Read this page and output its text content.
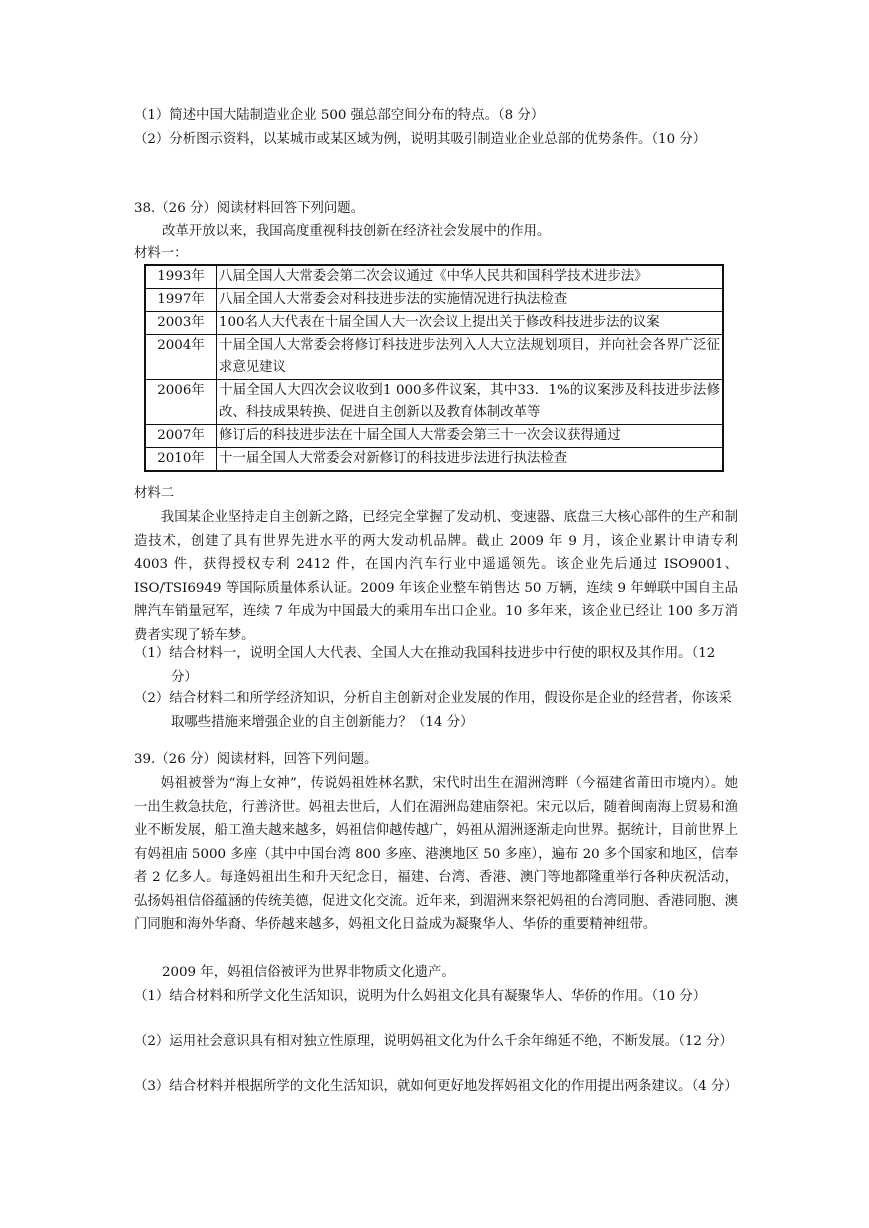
（1）简述中国大陆制造业企业 500 强总部空间分布的特点。（8 分）
（2）分析图示资料，以某城市或某区域为例，说明其吸引制造业企业总部的优势条件。（10 分）
38.（26 分）阅读材料回答下列问题。
改革开放以来，我国高度重视科技创新在经济社会发展中的作用。
材料一：
1993年	八届全国人大常委会第二次会议通过《中华人民共和国科学技术进步法》
1997年	八届全国人大常委会对科技进步法的实施情况进行执法检查
2003年	100名人大代表在十届全国人大一次会议上提出关于修改科技进步法的议案
2004年	十届全国人大常委会将修订科技进步法列入人大立法规划项目，并向社会各界广泛征求意见建议
2006年	十届全国人大四次会议收到1 000多件议案，其中33．1%的议案涉及科技进步法修改、科技成果转换、促进自主创新以及教育体制改革等
2007年	修订后的科技进步法在十届全国人大常委会第三十一次会议获得通过
2010年	十一届全国人大常委会对新修订的科技进步法进行执法检查
材料二
我国某企业坚持走自主创新之路，已经完全掌握了发动机、变速器、底盘三大核心部件的生产和制造技术，创建了具有世界先进水平的两大发动机品牌。截止 2009 年 9 月，该企业累计申请专利 4003 件，获得授权专利 2412 件，在国内汽车行业中遥遥领先。该企业先后通过 ISO9001、ISO/TSI6949 等国际质量体系认证。2009 年该企业整车销售达 50 万辆，连续 9 年蝉联中国自主品牌汽车销量冠军，连续 7 年成为中国最大的乘用车出口企业。10 多年来，该企业已经让 100 多万消费者实现了轿车梦。
（1）结合材料一，说明全国人大代表、全国人大在推动我国科技进步中行使的职权及其作用。（12 分）
（2）结合材料二和所学经济知识，分析自主创新对企业发展的作用，假设你是企业的经营者，你该采取哪些措施来增强企业的自主创新能力？（14 分）
39.（26 分）阅读材料，回答下列问题。
妈祖被誉为“海上女神”，传说妈祖姓林名默，宋代时出生在湄洲湾畔（今福建省莆田市境内）。她一出生救急扶危，行善济世。妈祖去世后，人们在湄洲岛建庙祭祀。宋元以后，随着闽南海上贸易和渔业不断发展，船工渔夫越来越多，妈祖信仰越传越广，妈祖从湄洲逐渐走向世界。据统计，目前世界上有妈祖庙 5000 多座（其中中国台湾 800 多座、港澳地区 50 多座），遍布 20 多个国家和地区，信奉者 2 亿多人。每逢妈祖出生和升天纪念日，福建、台湾、香港、澳门等地都隆重举行各种庆祝活动，弘扬妈祖信俗蕴涵的传统美德，促进文化交流。近年来，到湄洲来祭祀妈祖的台湾同胞、香港同胞、澳门同胞和海外华裔、华侨越来越多，妈祖文化日益成为凝聚华人、华侨的重要精神纽带。
2009 年，妈祖信俗被评为世界非物质文化遗产。
（1）结合材料和所学文化生活知识，说明为什么妈祖文化具有凝聚华人、华侨的作用。（10 分）
（2）运用社会意识具有相对独立性原理，说明妈祖文化为什么千余年绵延不绝，不断发展。（12 分）
（3）结合材料并根据所学的文化生活知识，就如何更好地发挥妈祖文化的作用提出两条建议。（4 分）
